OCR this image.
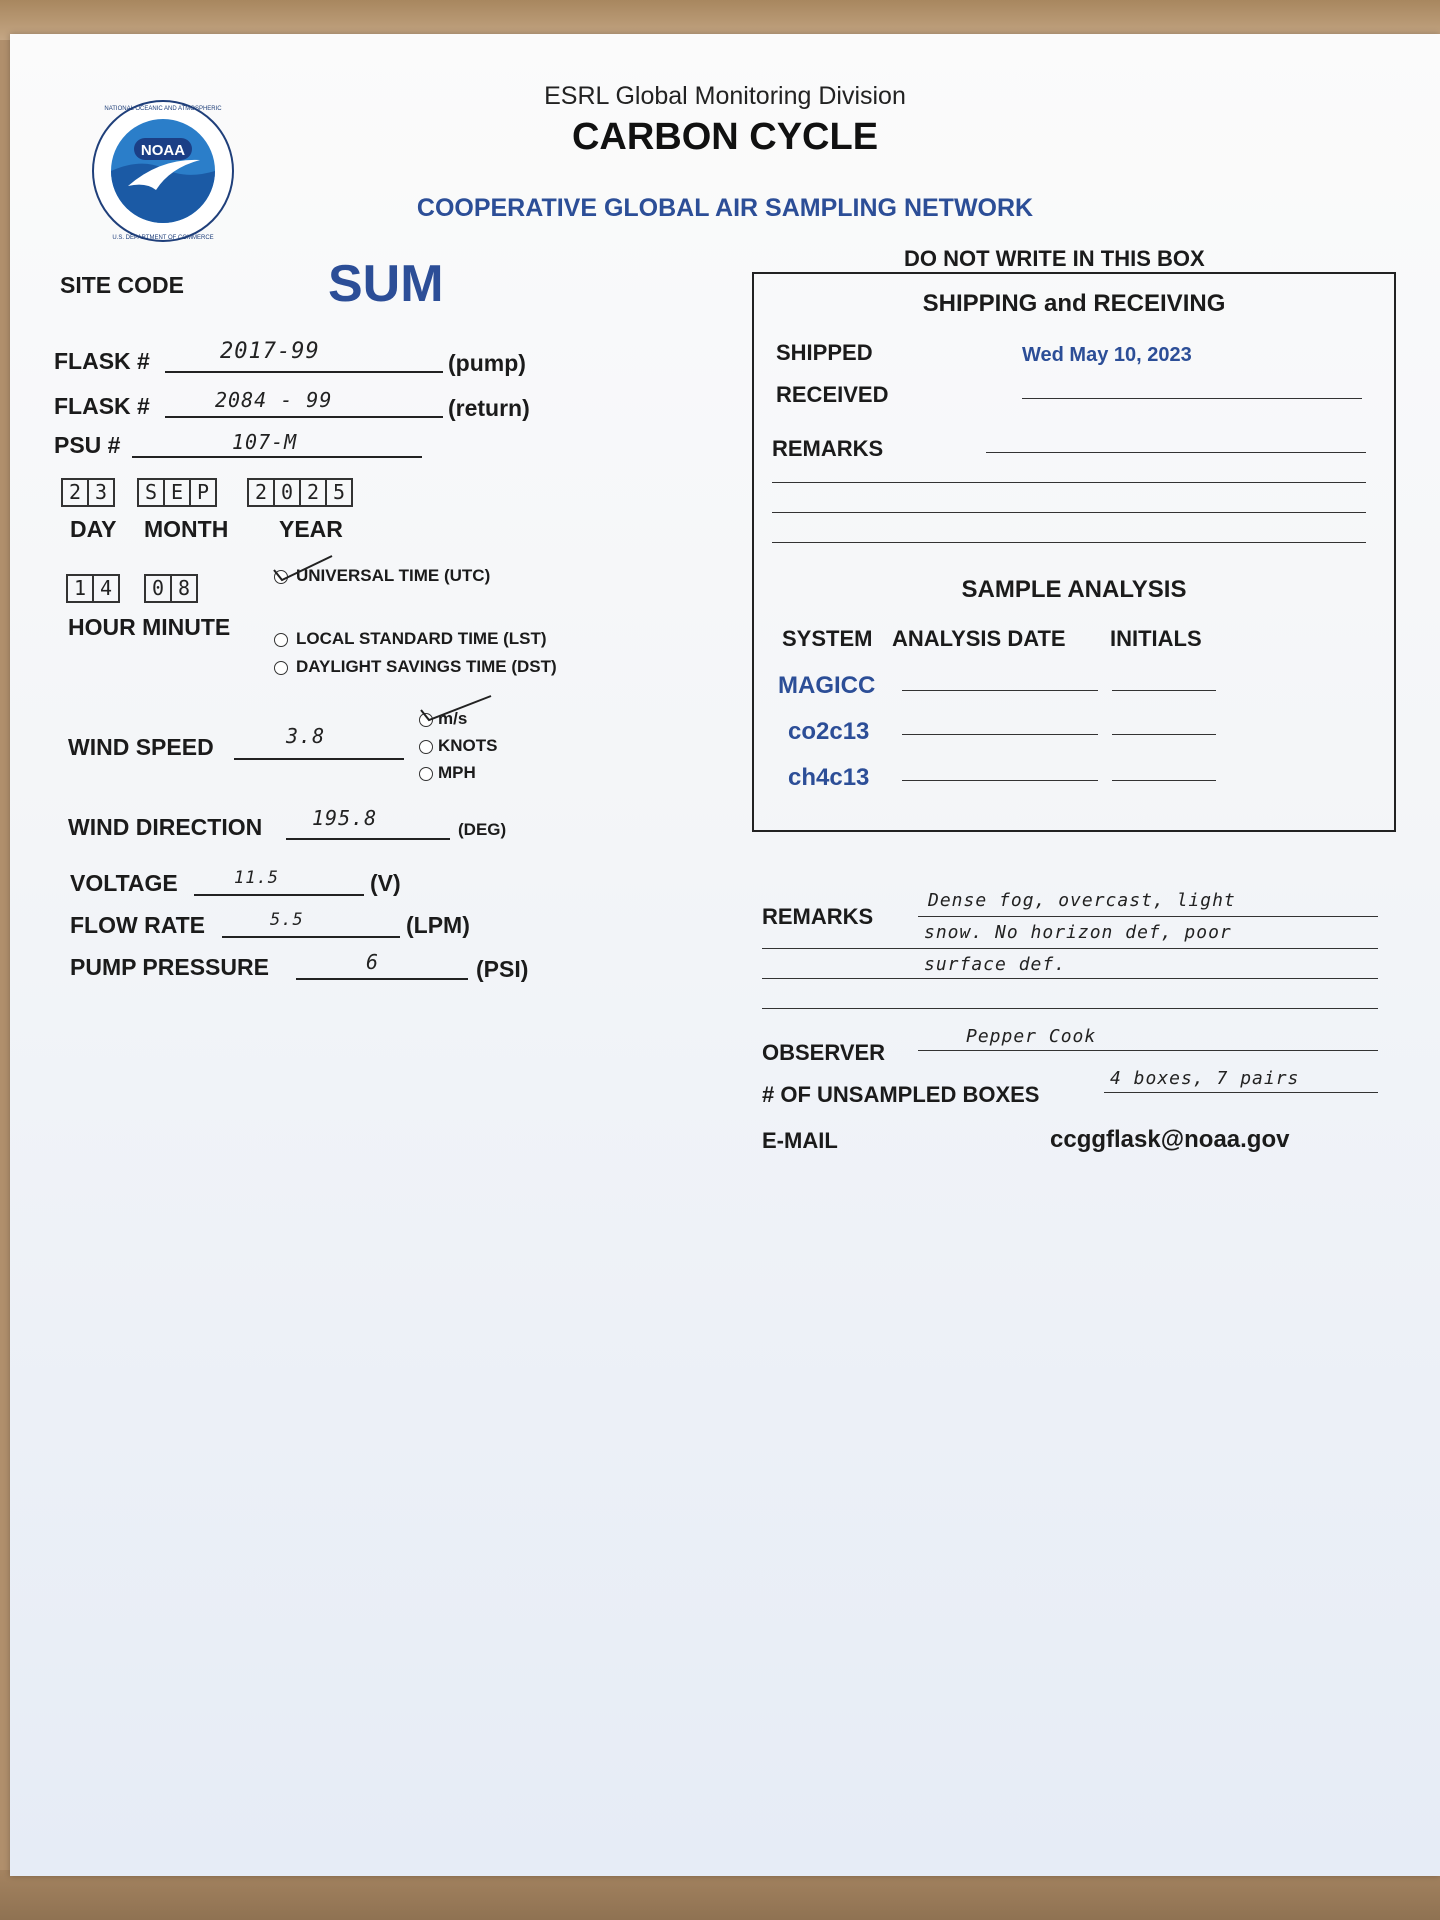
NOAA
NATIONAL OCEANIC AND ATMOSPHERIC
U.S. DEPARTMENT OF COMMERCE
ESRL Global Monitoring Division
CARBON CYCLE
COOPERATIVE GLOBAL AIR SAMPLING NETWORK
SITE CODE	SUM
FLASK #	2017-99	(pump)
FLASK #	2084 - 99	(return)
PSU #	107-M
2 3	S E P	2 0 2 5
DAY MONTH YEAR
1 4	0 8
HOUR MINUTE
UNIVERSAL TIME (UTC)
LOCAL STANDARD TIME (LST)
DAYLIGHT SAVINGS TIME (DST)
WIND SPEED	3.8
m/s
KNOTS
MPH
WIND DIRECTION 195.8	(DEG)
VOLTAGE	11.5	(V)
FLOW RATE	5.5	(LPM)
PUMP PRESSURE	6	(PSI)
DO NOT WRITE IN THIS BOX
SHIPPING and RECEIVING
SHIPPED	Wed May 10, 2023
RECEIVED
REMARKS
SAMPLE ANALYSIS
SYSTEM ANALYSIS DATE INITIALS
MAGICC
co2c13
ch4c13
REMARKS
Dense fog, overcast, light
snow. No horizon def, poor
surface def.
OBSERVER
Pepper Cook
# OF UNSAMPLED BOXES
4 boxes, 7 pairs
E-MAIL	ccggflask@noaa.gov
